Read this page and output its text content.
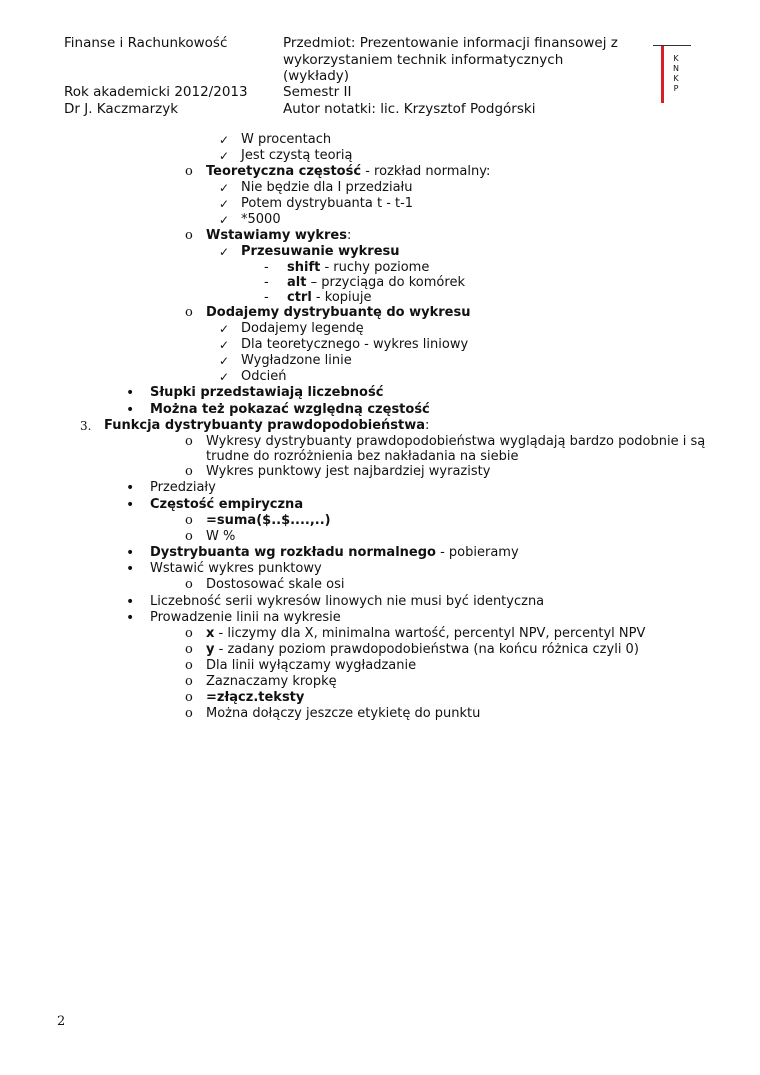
Finanse i Rachunkowość	Przedmiot: Prezentowanie informacji finansowej z
wykorzystaniem technik informatycznych
(wykłady)
Rok akademicki 2012/2013	Semestr II
Dr J. Kaczmarzyk	Autor notatki: lic. Krzysztof Podgórski
K
N
K
P
✓ W procentach
✓ Jest czystą teorią
o Teoretyczna częstość - rozkład normalny:
✓ Nie będzie dla I przedziału
✓ Potem dystrybuanta t - t-1
✓ *5000
o Wstawiamy wykres:
✓ Przesuwanie wykresu
- shift - ruchy poziome
- alt – przyciąga do komórek
- ctrl - kopiuje
o Dodajemy dystrybuantę do wykresu
✓ Dodajemy legendę
✓ Dla teoretycznego - wykres liniowy
✓ Wygładzone linie
✓ Odcień
• Słupki przedstawiają liczebność
• Można też pokazać względną częstość
3. Funkcja dystrybuanty prawdopodobieństwa:
o Wykresy dystrybuanty prawdopodobieństwa wyglądają bardzo podobnie i są
trudne do rozróżnienia bez nakładania na siebie
o Wykres punktowy jest najbardziej wyrazisty
• Przedziały
• Częstość empiryczna
o =suma($..$....,..)
o W %
• Dystrybuanta wg rozkładu normalnego - pobieramy
• Wstawić wykres punktowy
o Dostosować skale osi
• Liczebność serii wykresów linowych nie musi być identyczna
• Prowadzenie linii na wykresie
o x - liczymy dla X, minimalna wartość, percentyl NPV, percentyl NPV
o y - zadany poziom prawdopodobieństwa (na końcu różnica czyli 0)
o Dla linii wyłączamy wygładzanie
o Zaznaczamy kropkę
o =złącz.teksty
o Można dołączy jeszcze etykietę do punktu
2
